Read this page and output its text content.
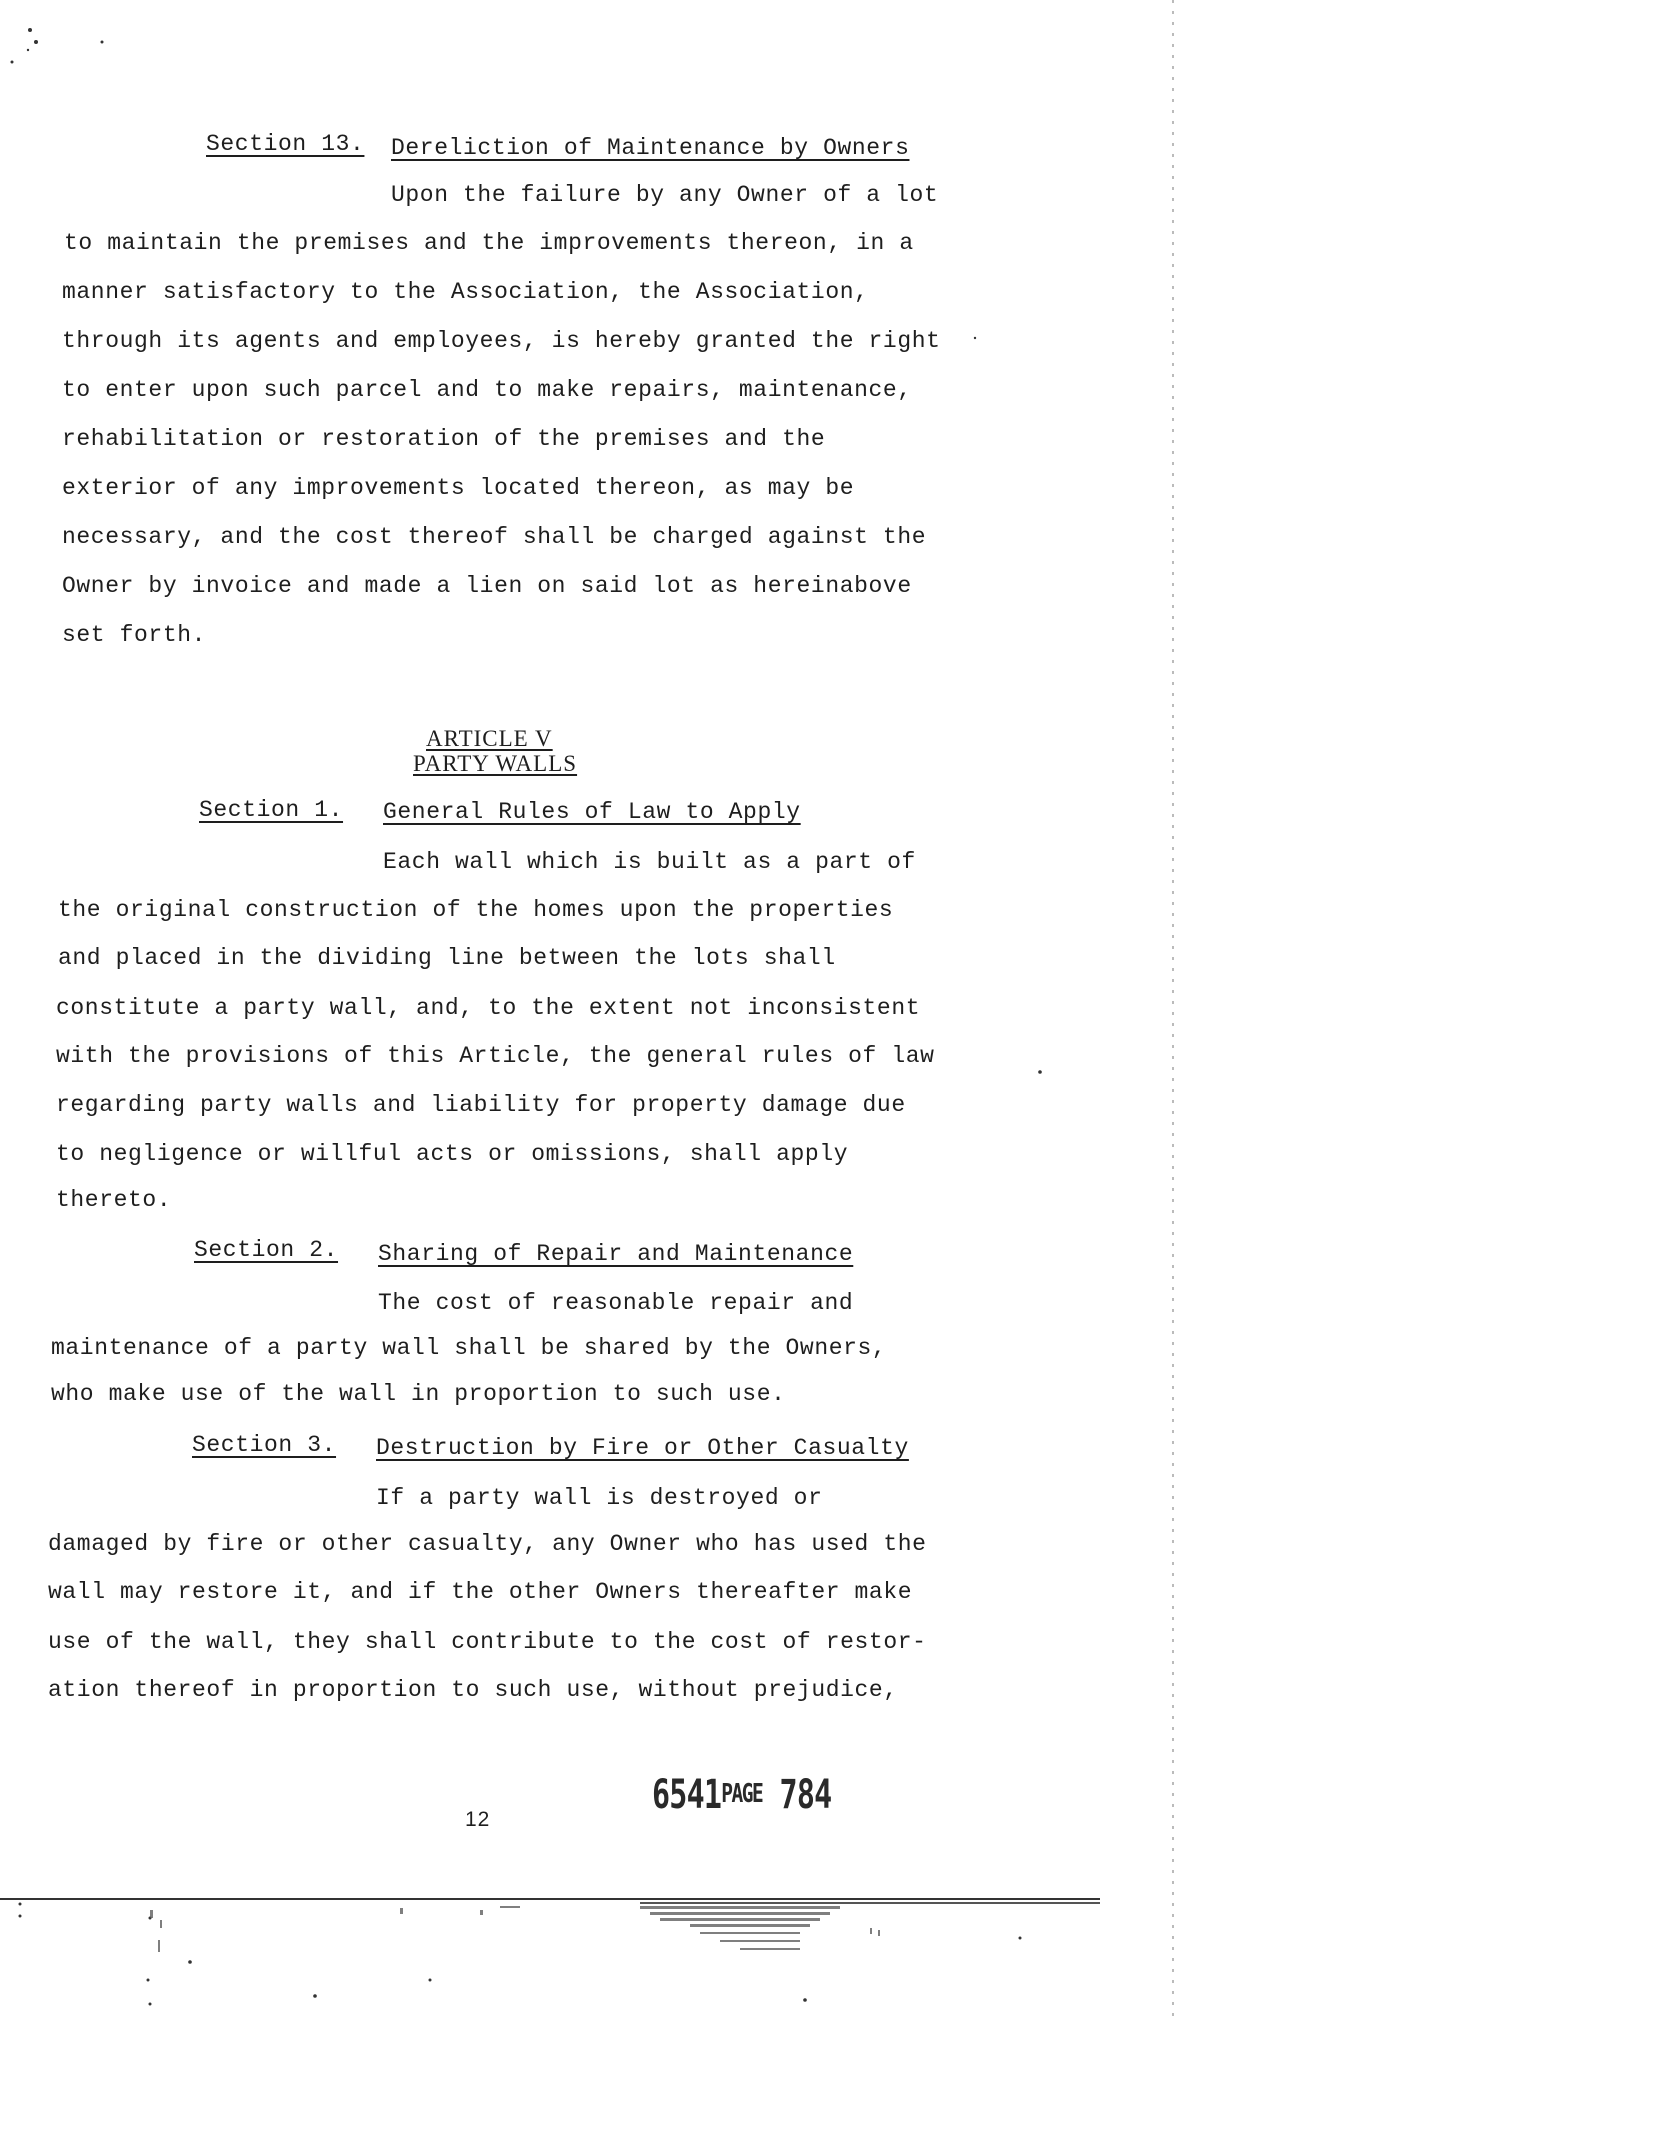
Section 13. Dereliction of Maintenance by Owners
Upon the failure by any Owner of a lot
to maintain the premises and the improvements thereon, in a
manner satisfactory to the Association, the Association,
through its agents and employees, is hereby granted the right
to enter upon such parcel and to make repairs, maintenance,
rehabilitation or restoration of the premises and the
exterior of any improvements located thereon, as may be
necessary, and the cost thereof shall be charged against the
Owner by invoice and made a lien on said lot as hereinabove
set forth.
ARTICLE V
PARTY WALLS
Section 1. General Rules of Law to Apply
Each wall which is built as a part of
the original construction of the homes upon the properties
and placed in the dividing line between the lots shall
constitute a party wall, and, to the extent not inconsistent
with the provisions of this Article, the general rules of law
regarding party walls and liability for property damage due
to negligence or willful acts or omissions, shall apply
thereto.
Section 2. Sharing of Repair and Maintenance
The cost of reasonable repair and
maintenance of a party wall shall be shared by the Owners,
who make use of the wall in proportion to such use.
Section 3. Destruction by Fire or Other Casualty
If a party wall is destroyed or
damaged by fire or other casualty, any Owner who has used the
wall may restore it, and if the other Owners thereafter make
use of the wall, they shall contribute to the cost of restor-
ation thereof in proportion to such use, without prejudice,
12
6541PAGE 784
